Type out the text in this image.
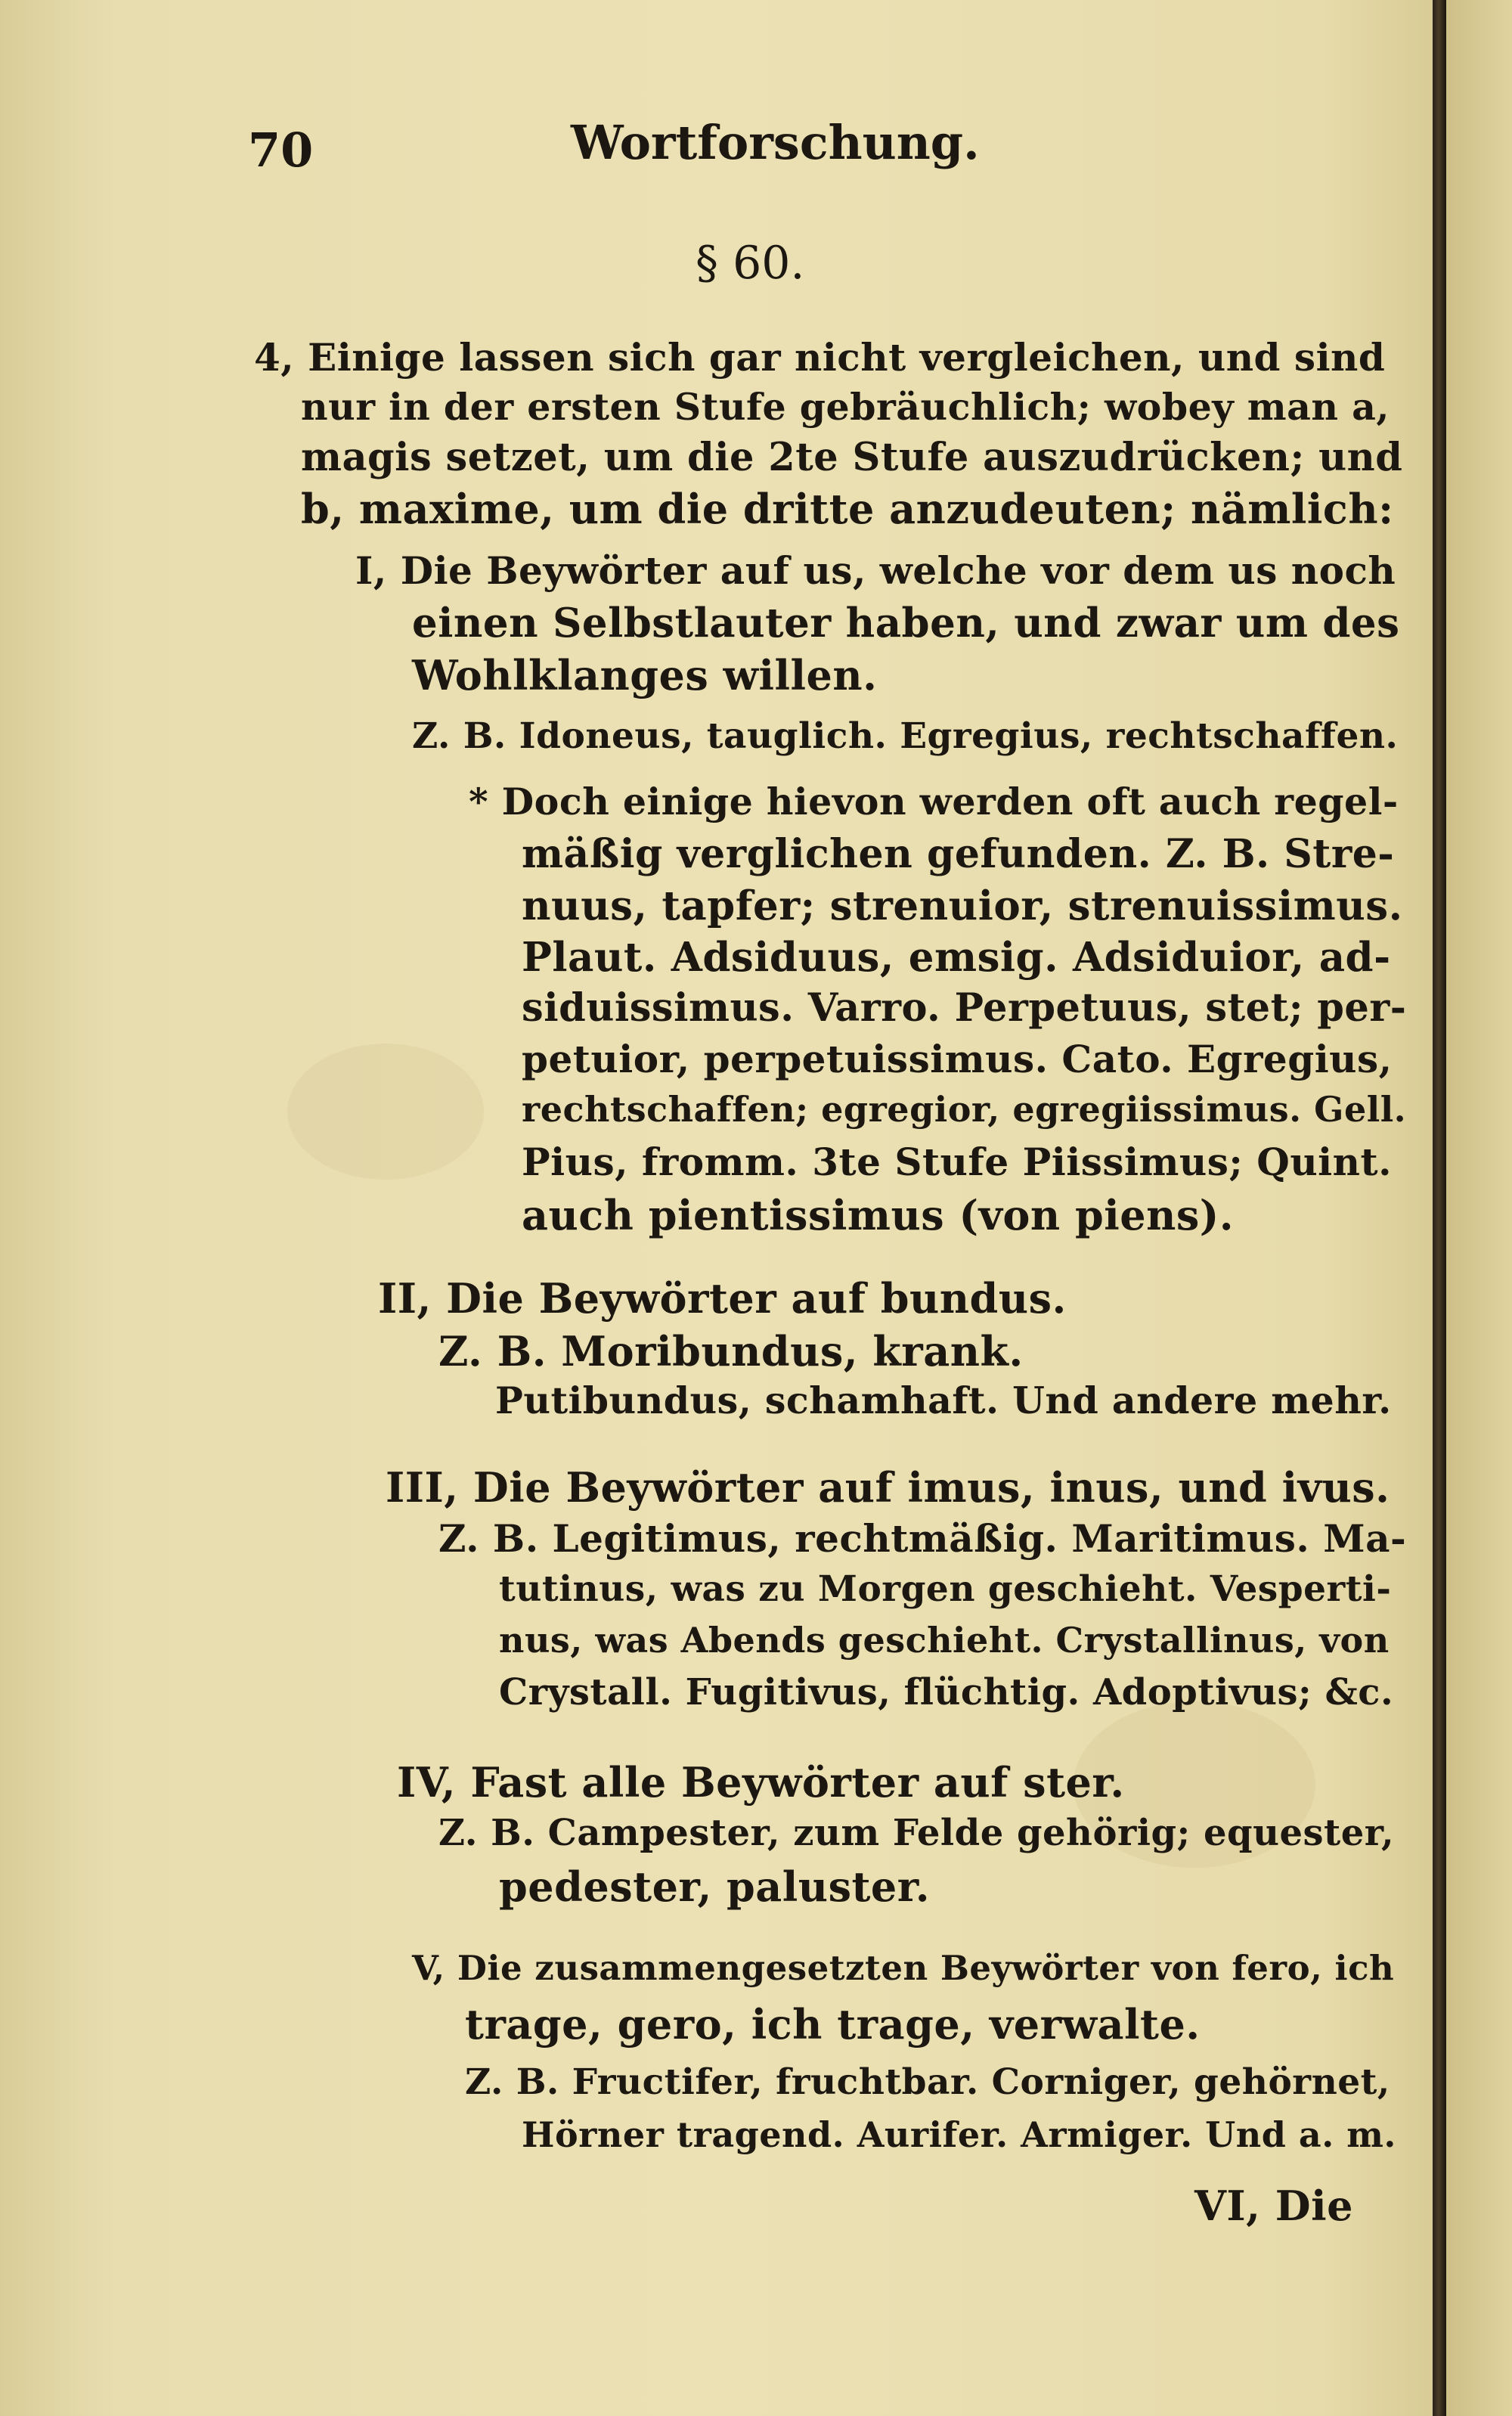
70	Wortforschung.
§ 60.
4, Einige lassen sich gar nicht vergleichen, und sind
nur in der ersten Stufe gebräuchlich; wobey man a,
magis setzet, um die 2te Stufe auszudrücken; und
b, maxime, um die dritte anzudeuten; nämlich:
I, Die Beywörter auf us, welche vor dem us noch
einen Selbstlauter haben, und zwar um des
Wohlklanges willen.
Z. B. Idoneus, tauglich. Egregius, rechtschaffen.
* Doch einige hievon werden oft auch regel-
mäßig verglichen gefunden. Z. B. Stre-
nuus, tapfer; strenuior, strenuissimus.
Plaut. Adsiduus, emsig. Adsiduior, ad-
siduissimus. Varro. Perpetuus, stet; per-
petuior, perpetuissimus. Cato. Egregius,
rechtschaffen; egregior, egregiissimus. Gell.
Pius, fromm. 3te Stufe Piissimus; Quint.
auch pientissimus (von piens).
II, Die Beywörter auf bundus.
Z. B. Moribundus, krank.
Putibundus, schamhaft. Und andere mehr.
III, Die Beywörter auf imus, inus, und ivus.
Z. B. Legitimus, rechtmäßig. Maritimus. Ma-
tutinus, was zu Morgen geschieht. Vesperti-
nus, was Abends geschieht. Crystallinus, von
Crystall. Fugitivus, flüchtig. Adoptivus; &c.
IV, Fast alle Beywörter auf ster.
Z. B. Campester, zum Felde gehörig; equester,
pedester, paluster.
V, Die zusammengesetzten Beywörter von fero, ich
trage, gero, ich trage, verwalte.
Z. B. Fructifer, fruchtbar. Corniger, gehörnet,
Hörner tragend. Aurifer. Armiger. Und a. m.
VI, Die
